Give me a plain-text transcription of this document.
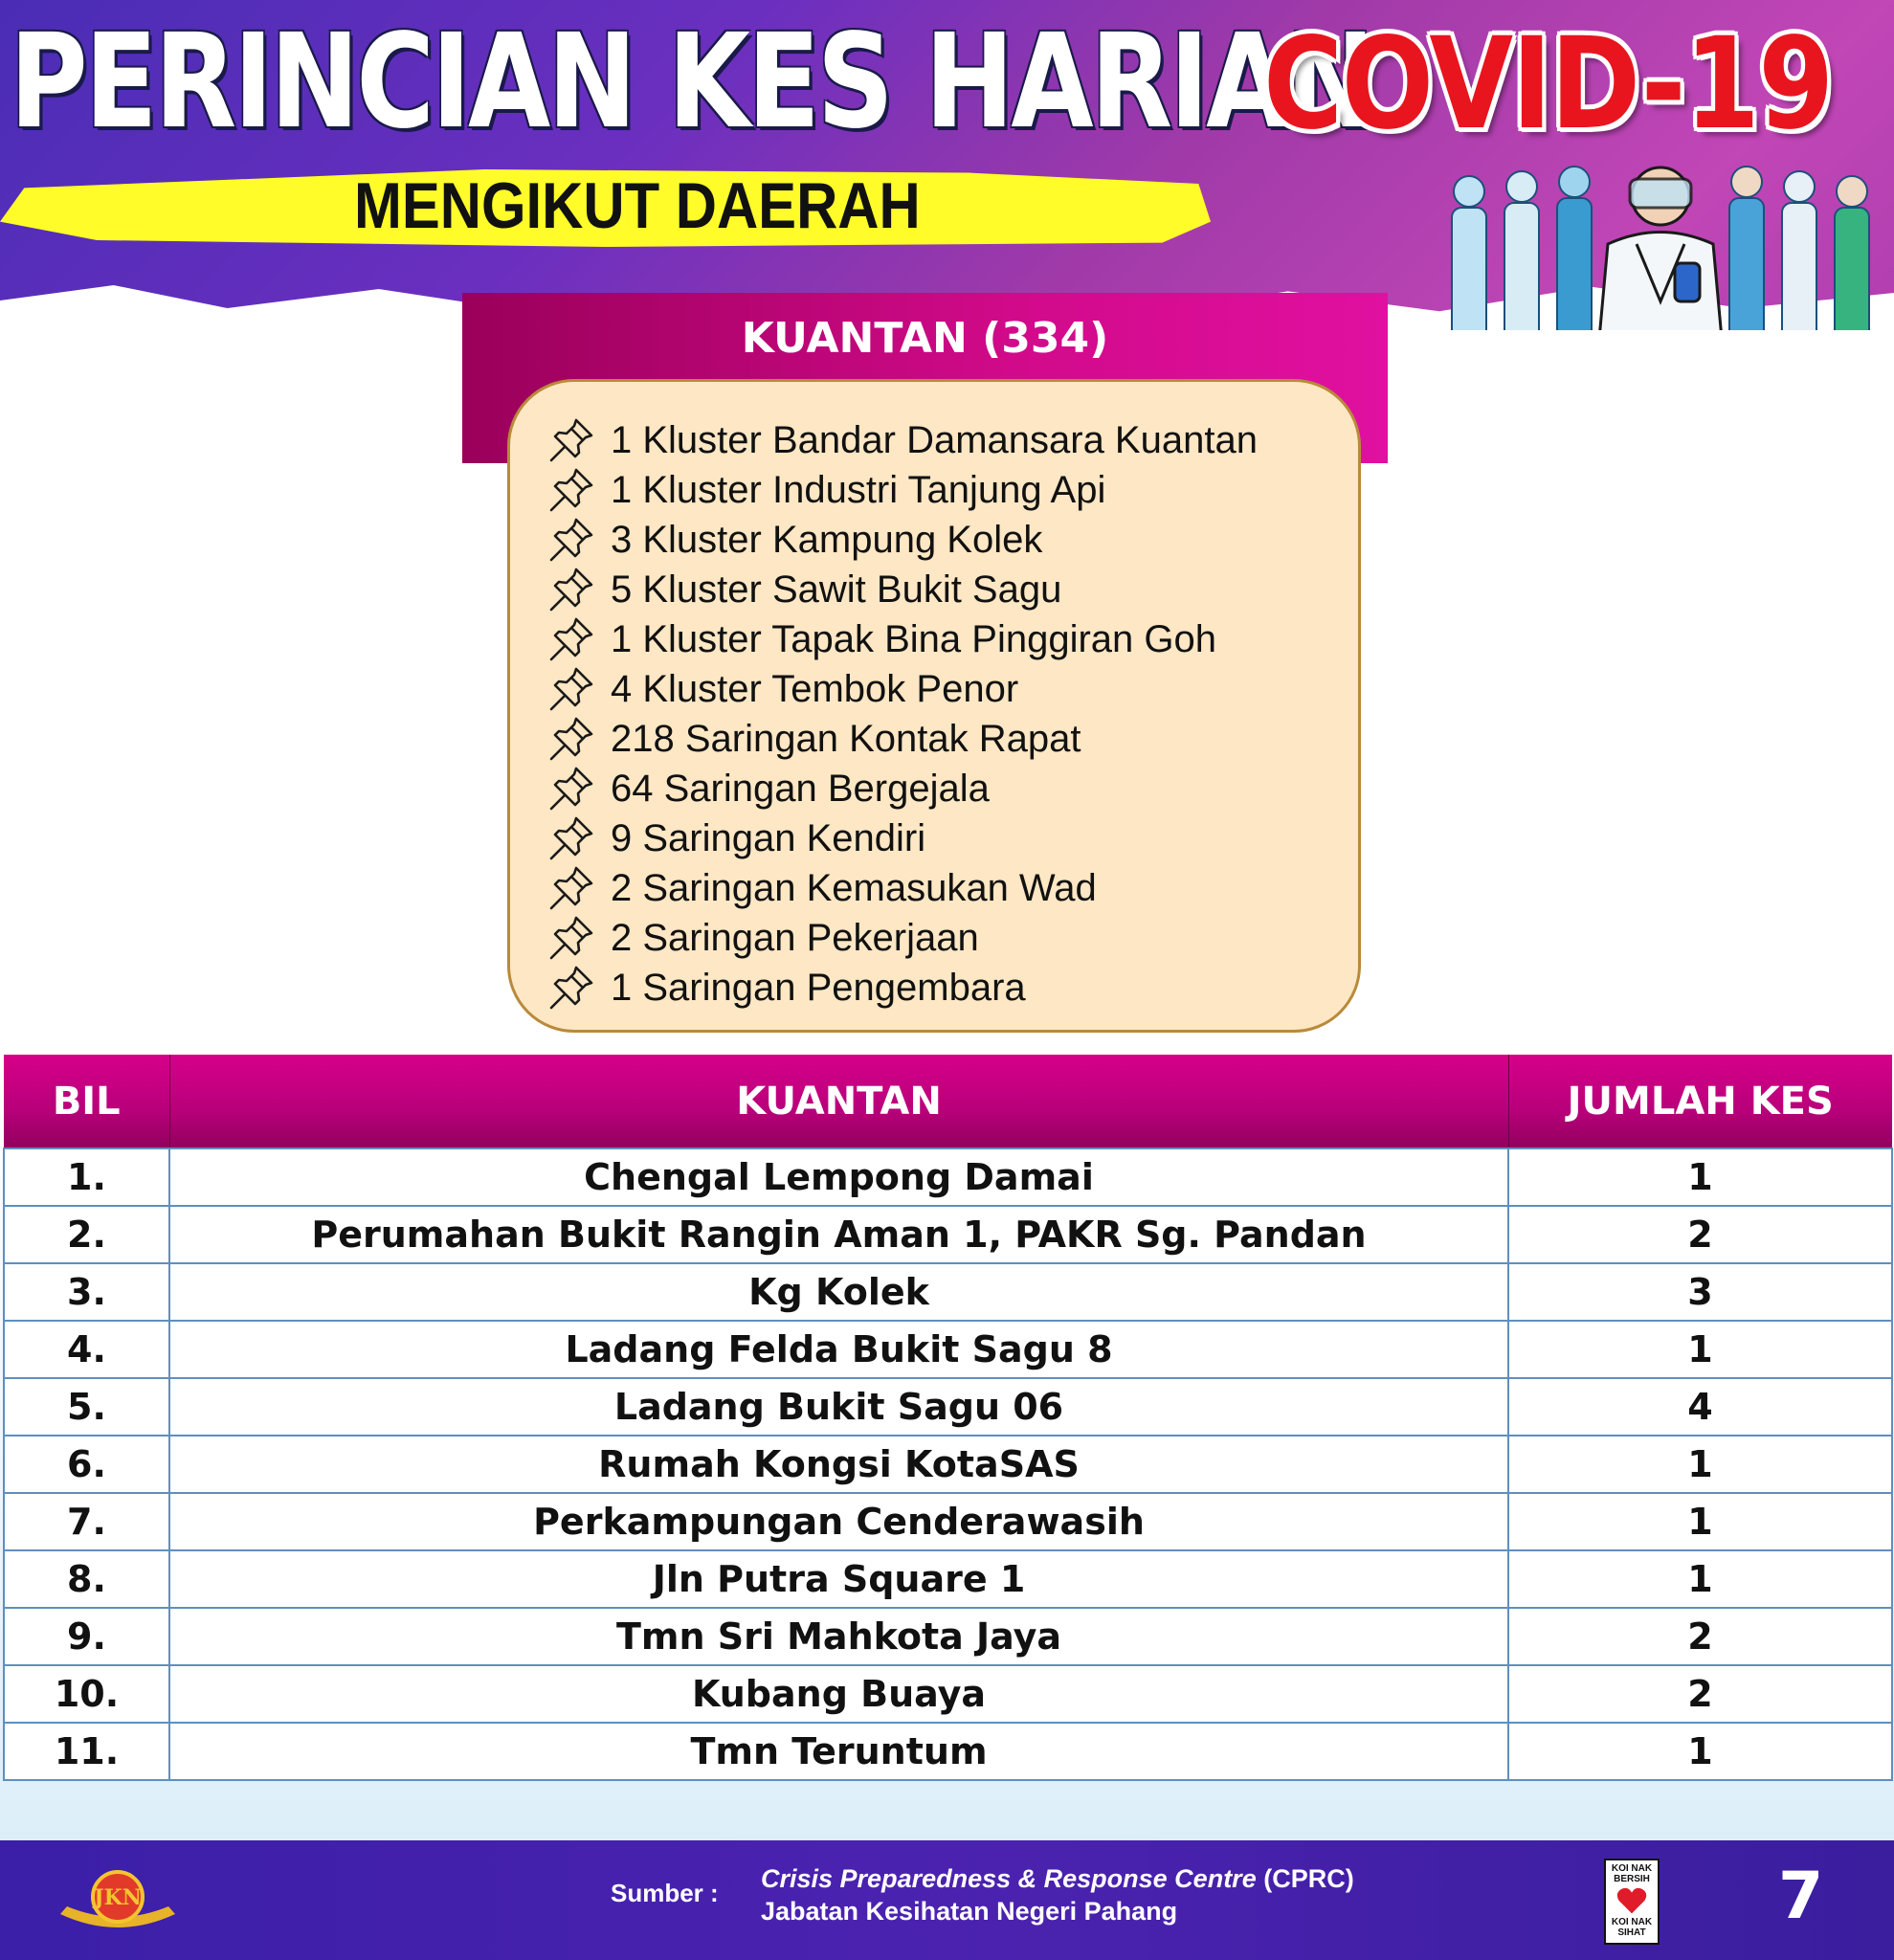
PERINCIAN KES HARIAN
COVID-19
MENGIKUT DAERAH
KUANTAN (334)
1 Kluster Bandar Damansara Kuantan
1 Kluster Industri Tanjung Api
3 Kluster Kampung Kolek
5 Kluster Sawit Bukit Sagu
1 Kluster Tapak Bina Pinggiran Goh
4 Kluster Tembok Penor
218 Saringan Kontak Rapat
64 Saringan Bergejala
9 Saringan Kendiri
2 Saringan Kemasukan Wad
2 Saringan Pekerjaan
1 Saringan Pengembara
BIL	KUANTAN	JUMLAH KES
1.	Chengal Lempong Damai	1
2.	Perumahan Bukit Rangin Aman 1, PAKR Sg. Pandan	2
3.	Kg Kolek	3
4.	Ladang Felda Bukit Sagu 8	1
5.	Ladang Bukit Sagu 06	4
6.	Rumah Kongsi KotaSAS	1
7.	Perkampungan Cenderawasih	1
8.	Jln Putra Square 1	1
9.	Tmn Sri Mahkota Jaya	2
10.	Kubang Buaya	2
11.	Tmn Teruntum	1
JKN	Sumber : Crisis Preparedness & Response Centre (CPRC)
Jabatan Kesihatan Negeri Pahang
KOI NAK BERSIH
KOI NAK SIHAT 7
